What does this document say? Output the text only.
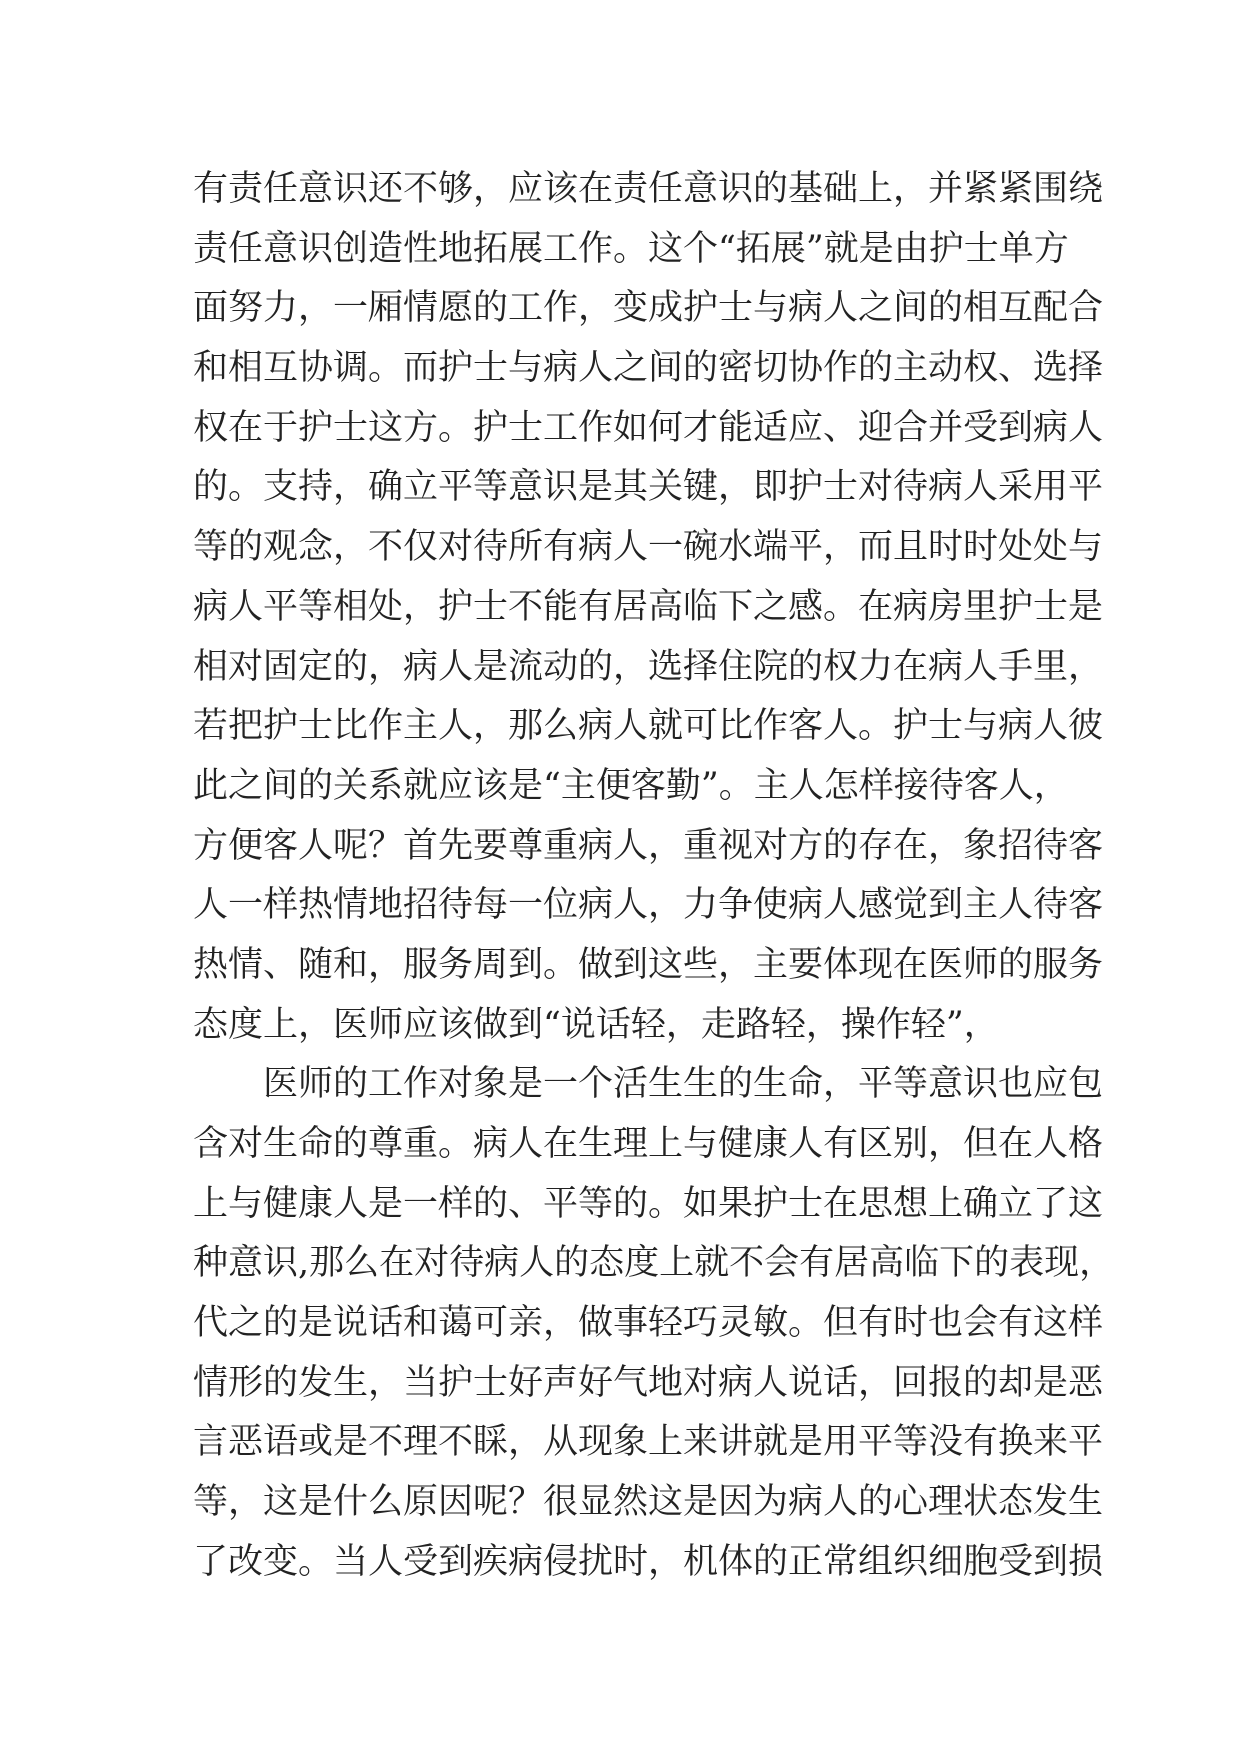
有责任意识还不够，应该在责任意识的基础上，并紧紧围绕
责任意识创造性地拓展工作。这个“拓展”就是由护士单方
面努力，一厢情愿的工作，变成护士与病人之间的相互配合
和相互协调。而护士与病人之间的密切协作的主动权、选择
权在于护士这方。护士工作如何才能适应、迎合并受到病人
的。支持，确立平等意识是其关键，即护士对待病人采用平
等的观念，不仅对待所有病人一碗水端平，而且时时处处与
病人平等相处，护士不能有居高临下之感。在病房里护士是
相对固定的，病人是流动的，选择住院的权力在病人手里，
若把护士比作主人，那么病人就可比作客人。护士与病人彼
此之间的关系就应该是“主便客勤”。主人怎样接待客人，
方便客人呢？首先要尊重病人，重视对方的存在，象招待客
人一样热情地招待每一位病人，力争使病人感觉到主人待客
热情、随和，服务周到。做到这些，主要体现在医师的服务
态度上，医师应该做到“说话轻，走路轻，操作轻”，
医师的工作对象是一个活生生的生命，平等意识也应包
含对生命的尊重。病人在生理上与健康人有区别，但在人格
上与健康人是一样的、平等的。如果护士在思想上确立了这
种意识,那么在对待病人的态度上就不会有居高临下的表现，
代之的是说话和蔼可亲，做事轻巧灵敏。但有时也会有这样
情形的发生，当护士好声好气地对病人说话，回报的却是恶
言恶语或是不理不睬，从现象上来讲就是用平等没有换来平
等，这是什么原因呢？很显然这是因为病人的心理状态发生
了改变。当人受到疾病侵扰时，机体的正常组织细胞受到损
